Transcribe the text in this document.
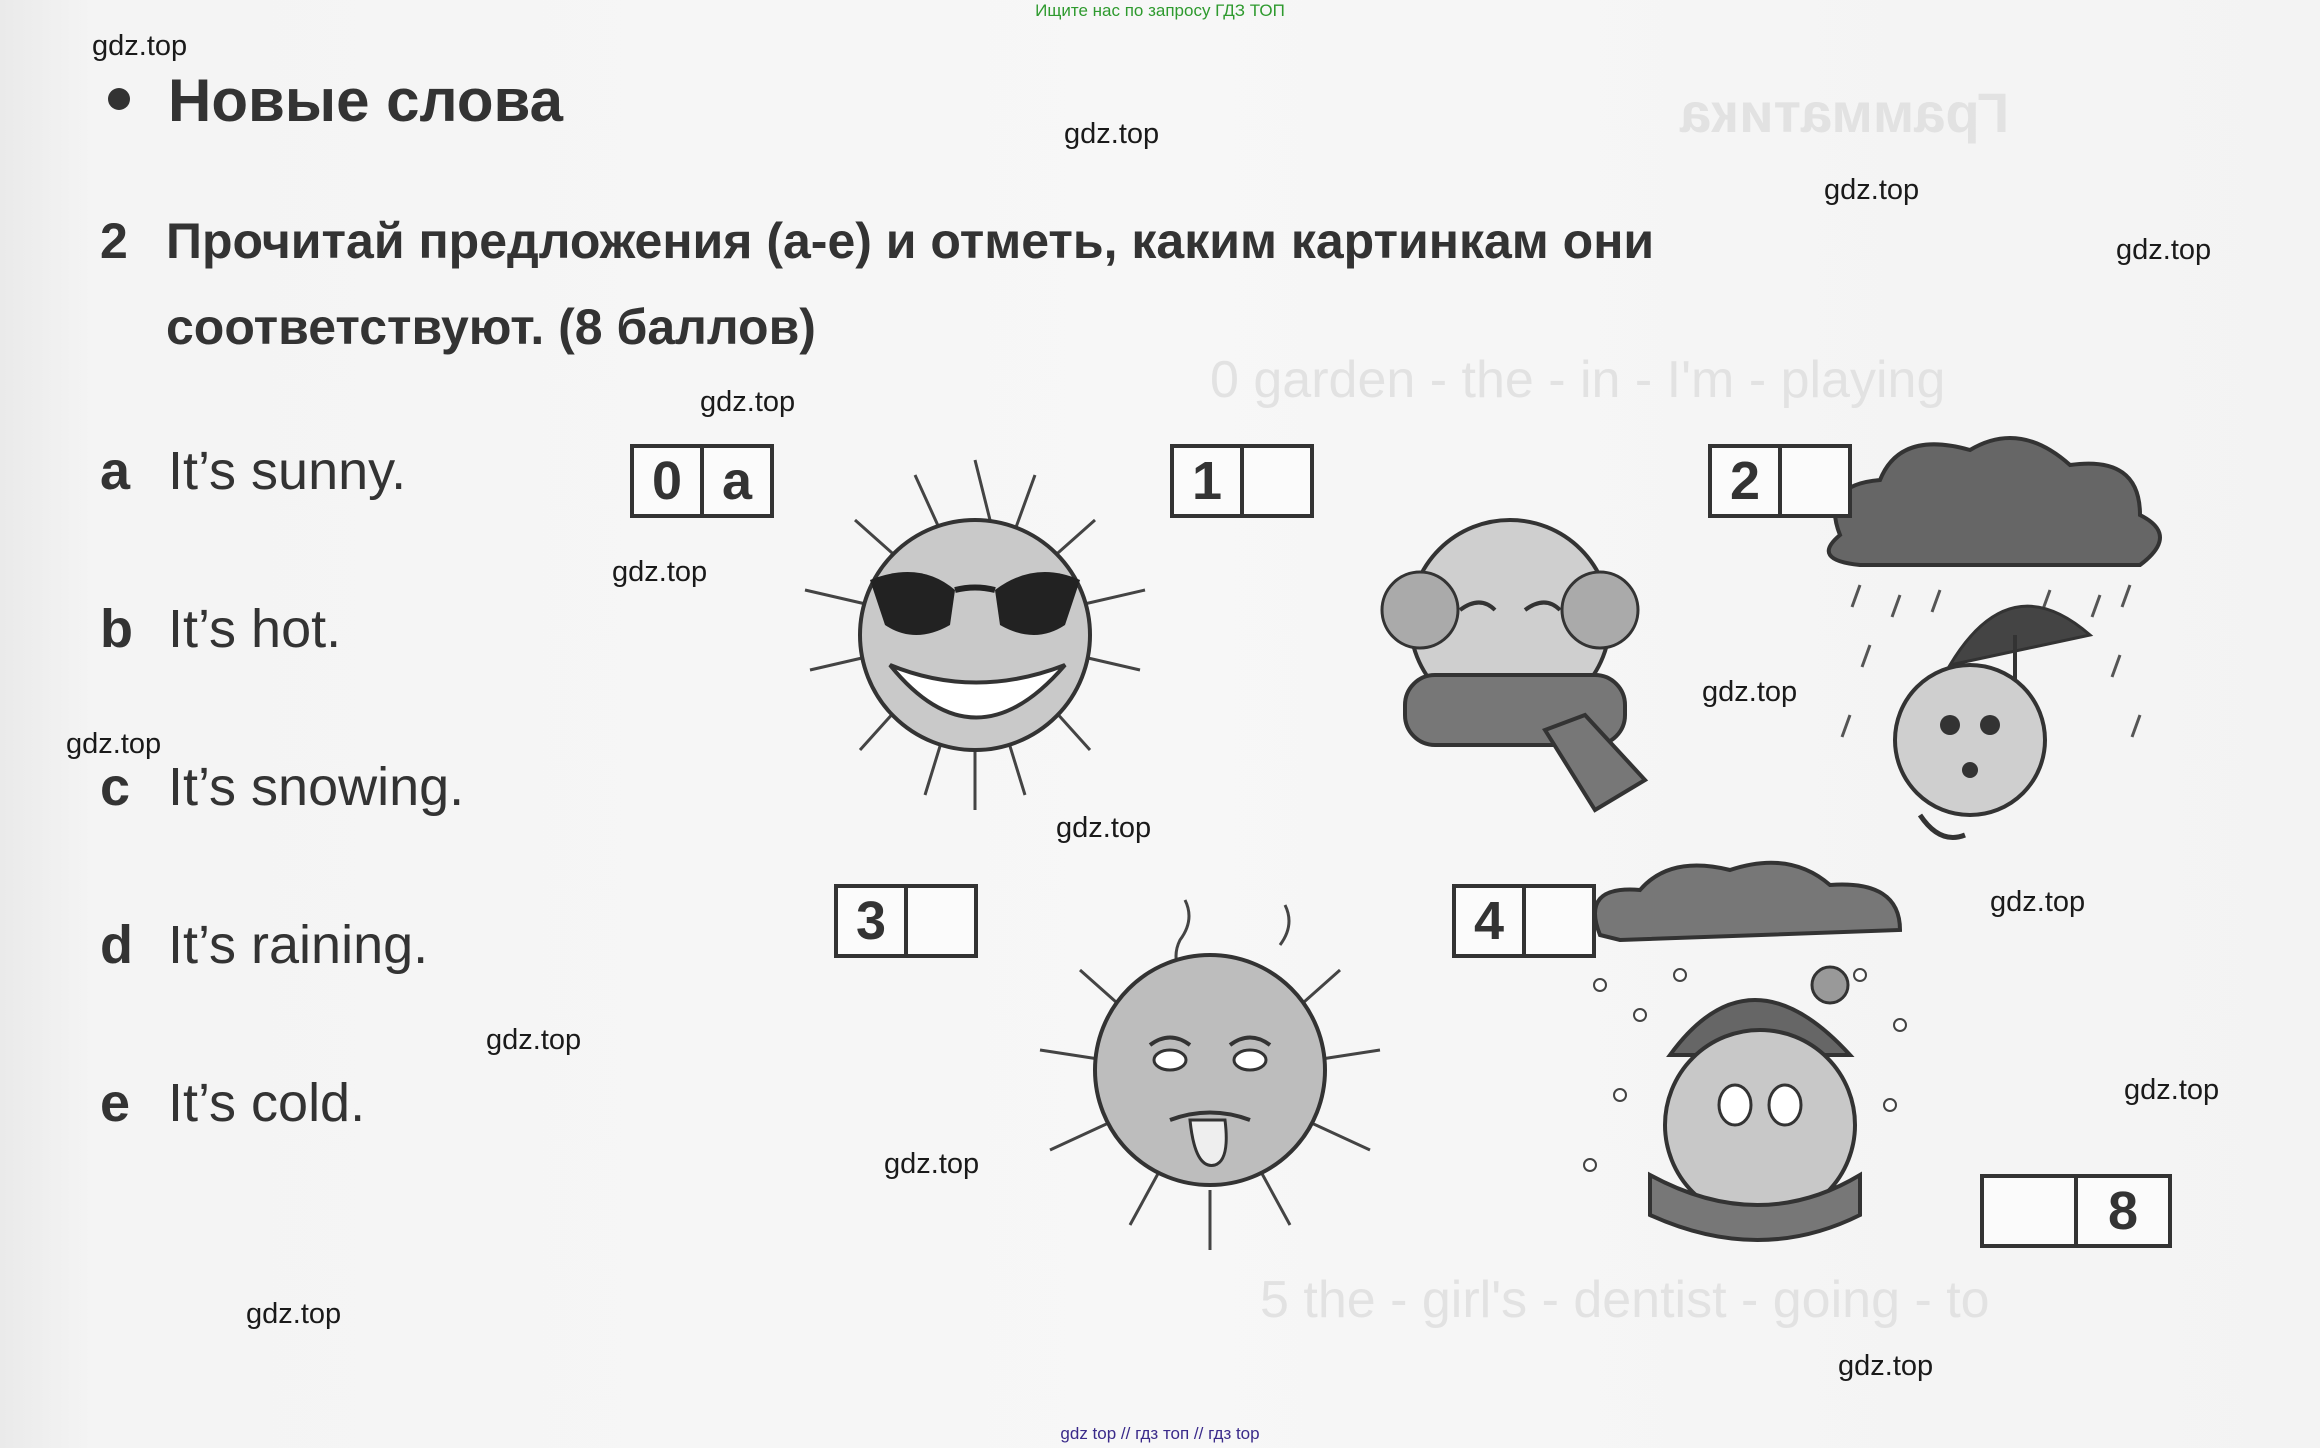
Ищите нас по запросу ГДЗ ТОП
Грамматика
0 garden - the - in - I'm - playing
5 the - girl's - dentist - going - to
Новые слова
2 Прочитай предложения (a-e) и отметь, каким картинкам они
соответствуют. (8 баллов)
a It’s sunny.
b It’s hot.
c It’s snowing.
d It’s raining.
e It’s cold.
0 a	1	2
3	4
8
gdz.top
gdz.top
gdz.top
gdz.top
gdz.top
gdz.top
gdz.top
gdz.top
gdz.top
gdz.top
gdz.top
gdz.top
gdz.top
gdz.top
gdz.top
gdz top // гдз топ // гдз top
